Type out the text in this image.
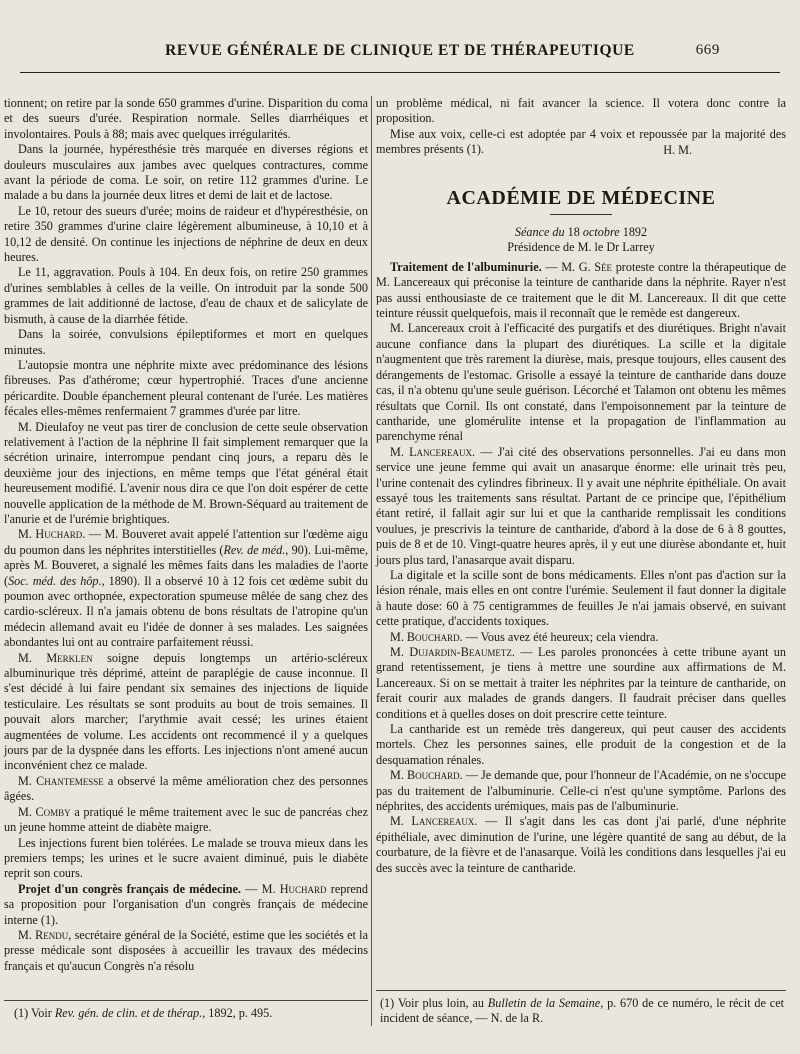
REVUE GÉNÉRALE DE CLINIQUE ET DE THÉRAPEUTIQUE	669

tionnent; on retire par la sonde 650 grammes d'urine. Disparition du coma et des sueurs d'urée. Respiration normale. Selles diarrhéiques et involontaires. Pouls à 88; mais avec quelques irrégularités.

Dans la journée, hypéresthésie très marquée en diverses régions et douleurs musculaires aux jambes avec quelques contractures, comme avant la période de coma. Le soir, on retire 112 grammes d'urine. Le malade a bu dans la journée deux litres et demi de lait et de lactose.

Le 10, retour des sueurs d'urée; moins de raideur et d'hypéresthésie, on retire 350 grammes d'urine claire légèrement albumineuse, à 10,10 et à 10,12 de densité. On continue les injections de néphrine de deux en deux heures.

Le 11, aggravation. Pouls à 104. En deux fois, on retire 250 grammes d'urines semblables à celles de la veille. On introduit par la sonde 500 grammes de lait additionné de lactose, d'eau de chaux et de salicylate de bismuth, à cause de la diarrhée fétide.

Dans la soirée, convulsions épileptiformes et mort en quelques minutes.

L'autopsie montra une néphrite mixte avec prédominance des lésions fibreuses. Pas d'athérome; cœur hypertrophié. Traces d'une ancienne péricardite. Double épanchement pleural contenant de l'urée. Les matières fécales elles-mêmes renfermaient 7 grammes d'urée par litre.

M. Dieulafoy ne veut pas tirer de conclusion de cette seule observation relativement à l'action de la néphrine Il fait simplement remarquer que la sécrétion urinaire, interrompue pendant cinq jours, a reparu dès le deuxième jour des injections, en même temps que l'état général était heureusement modifié. L'avenir nous dira ce que l'on doit espérer de cette nouvelle application de la méthode de M. Brown-Séquard au traitement de l'anurie et de l'urémie brightiques.

M. Huchard. — M. Bouveret avait appelé l'attention sur l'œdème aigu du poumon dans les néphrites interstitielles (Rev. de méd., 90). Lui-même, après M. Bouveret, a signalé les mêmes faits dans les maladies de l'aorte (Soc. méd. des hôp., 1890). Il a observé 10 à 12 fois cet œdème subit du poumon avec orthopnée, expectoration spumeuse mêlée de sang chez des cardio-scléreux. Il n'a jamais obtenu de bons résultats de l'atropine qu'un médecin allemand avait eu l'idée de donner à ses malades. Les saignées abondantes lui ont au contraire parfaitement réussi.

M. Merklen soigne depuis longtemps un artério-scléreux albuminurique très déprimé, atteint de paraplégie de cause inconnue. Il s'est décidé à lui faire pendant six semaines des injections de liquide testiculaire. Les résultats se sont produits au bout de trois semaines. Il pouvait alors marcher; l'arythmie avait cessé; les urines étaient augmentées de volume. Les accidents ont recommencé il y a quelques jours par de la dyspnée dans les efforts. Les injections n'ont amené aucun inconvénient chez ce malade.

M. Chantemesse a observé la même amélioration chez des personnes âgées.

M. Comby a pratiqué le même traitement avec le suc de pancréas chez un jeune homme atteint de diabète maigre.

Les injections furent bien tolérées. Le malade se trouva mieux dans les premiers temps; les urines et le sucre avaient diminué, puis le diabète reprit son cours.

Projet d'un congrès français de médecine. — M. Huchard reprend sa proposition pour l'organisation d'un congrès français de médecine interne (1).

M. Rendu, secrétaire général de la Société, estime que les sociétés et la presse médicale sont disposées à accueillir les travaux des médecins français et qu'aucun Congrès n'a résolu

(1) Voir Rev. gén. de clin. et de thérap., 1892, p. 495.

un problème médical, ni fait avancer la science. Il votera donc contre la proposition.

Mise aux voix, celle-ci est adoptée par 4 voix et repoussée par la majorité des membres présents (1).	H. M.
ACADÉMIE DE MÉDECINE

Séance du 18 octobre 1892

Présidence de M. le Dr Larrey

Traitement de l'albuminurie. — M. G. Sée proteste contre la thérapeutique de M. Lancereaux qui préconise la teinture de cantharide dans la néphrite. Rayer n'est pas aussi enthousiaste de ce traitement que le dit M. Lancereaux. Il dit que cette teinture réussit quelquefois, mais il reconnaît que le remède est dangereux.

M. Lancereaux croit à l'efficacité des purgatifs et des diurétiques. Bright n'avait aucune confiance dans la plupart des diurétiques. La scille et la digitale n'augmentent que très rarement la diurèse, mais, presque toujours, elles causent des dérangements de l'estomac. Grisolle a essayé la teinture de cantharide dans douze cas, il n'a obtenu qu'une seule guérison. Lécorché et Talamon ont obtenu les mêmes résultats que Cornil. Ils ont constaté, dans l'empoisonnement par la teinture de cantharide, une glomérulite intense et la propagation de l'inflammation au parenchyme rénal

M. Lancereaux. — J'ai cité des observations personnelles. J'ai eu dans mon service une jeune femme qui avait un anasarque énorme: elle urinait très peu, l'urine contenait des cylindres fibrineux. Il y avait une néphrite épithéliale. On avait essayé tous les traitements sans résultat. Partant de ce principe que, l'épithélium étant retiré, il fallait agir sur lui et que la cantharide remplissait les conditions voulues, je prescrivis la teinture de cantharide, d'abord à la dose de 6 à 8 gouttes, puis de 8 et de 10. Vingt-quatre heures après, il y eut une diurèse abondante et, huit jours plus tard, l'anasarque avait disparu.

La digitale et la scille sont de bons médicaments. Elles n'ont pas d'action sur la lésion rénale, mais elles en ont contre l'urémie. Seulement il faut donner la digitale à haute dose: 60 à 75 centigrammes de feuilles Je n'ai jamais observé, en suivant cette pratique, d'accidents toxiques.

M. Bouchard. — Vous avez été heureux; cela viendra.

M. Dujardin-Beaumetz. — Les paroles prononcées à cette tribune ayant un grand retentissement, je tiens à mettre une sourdine aux affirmations de M. Lancereaux. Si on se mettait à traiter les néphrites par la teinture de cantharide, on ferait courir aux malades de grands dangers. Il faudrait préciser dans quelles conditions et à quelles doses on doit prescrire cette teinture.

La cantharide est un remède très dangereux, qui peut causer des accidents mortels. Chez les personnes saines, elle produit de la congestion et de la desquamation rénales.

M. Bouchard. — Je demande que, pour l'honneur de l'Académie, on ne s'occupe pas du traitement de l'albuminurie. Celle-ci n'est qu'une symptôme. Parlons des néphrites, des accidents urémiques, mais pas de l'albuminurie.

M. Lancereaux. — Il s'agit dans les cas dont j'ai parlé, d'une néphrite épithéliale, avec diminution de l'urine, une légère quantité de sang au début, de la courbature, de la fièvre et de l'anasarque. Voilà les conditions dans lesquelles j'ai eu des succès avec la teinture de cantharide.

(1) Voir plus loin, au Bulletin de la Semaine, p. 670 de ce numéro, le récit de cet incident de séance, — N. de la R.
